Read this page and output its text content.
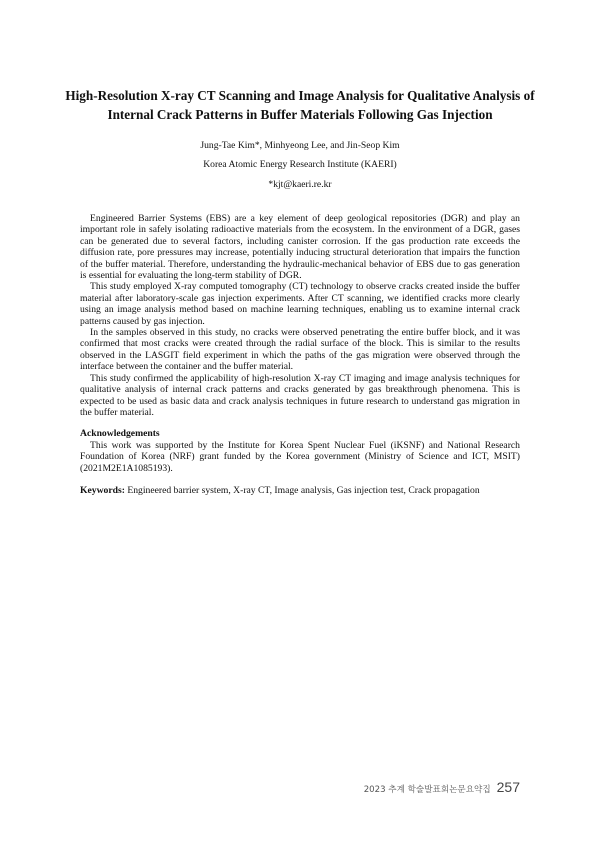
High-Resolution X-ray CT Scanning and Image Analysis for Qualitative Analysis of Internal Crack Patterns in Buffer Materials Following Gas Injection

Jung-Tae Kim*, Minhyeong Lee, and Jin-Seop Kim

Korea Atomic Energy Research Institute (KAERI)

*kjt@kaeri.re.kr

Engineered Barrier Systems (EBS) are a key element of deep geological repositories (DGR) and play an important role in safely isolating radioactive materials from the ecosystem. In the environment of a DGR, gases can be generated due to several factors, including canister corrosion. If the gas production rate exceeds the diffusion rate, pore pressures may increase, potentially inducing structural deterioration that impairs the function of the buffer material. Therefore, understanding the hydraulic-mechanical behavior of EBS due to gas generation is essential for evaluating the long-term stability of DGR.

This study employed X-ray computed tomography (CT) technology to observe cracks created inside the buffer material after laboratory-scale gas injection experiments. After CT scanning, we identified cracks more clearly using an image analysis method based on machine learning techniques, enabling us to examine internal crack patterns caused by gas injection.

In the samples observed in this study, no cracks were observed penetrating the entire buffer block, and it was confirmed that most cracks were created through the radial surface of the block. This is similar to the results observed in the LASGIT field experiment in which the paths of the gas migration were observed through the interface between the container and the buffer material.

This study confirmed the applicability of high-resolution X-ray CT imaging and image analysis techniques for qualitative analysis of internal crack patterns and cracks generated by gas breakthrough phenomena. This is expected to be used as basic data and crack analysis techniques in future research to understand gas migration in the buffer material.

Acknowledgements

This work was supported by the Institute for Korea Spent Nuclear Fuel (iKSNF) and National Research Foundation of Korea (NRF) grant funded by the Korea government (Ministry of Science and ICT, MSIT) (2021M2E1A1085193).

Keywords: Engineered barrier system, X-ray CT, Image analysis, Gas injection test, Crack propagation

2023 추계 학술발표회논문요약집 257
